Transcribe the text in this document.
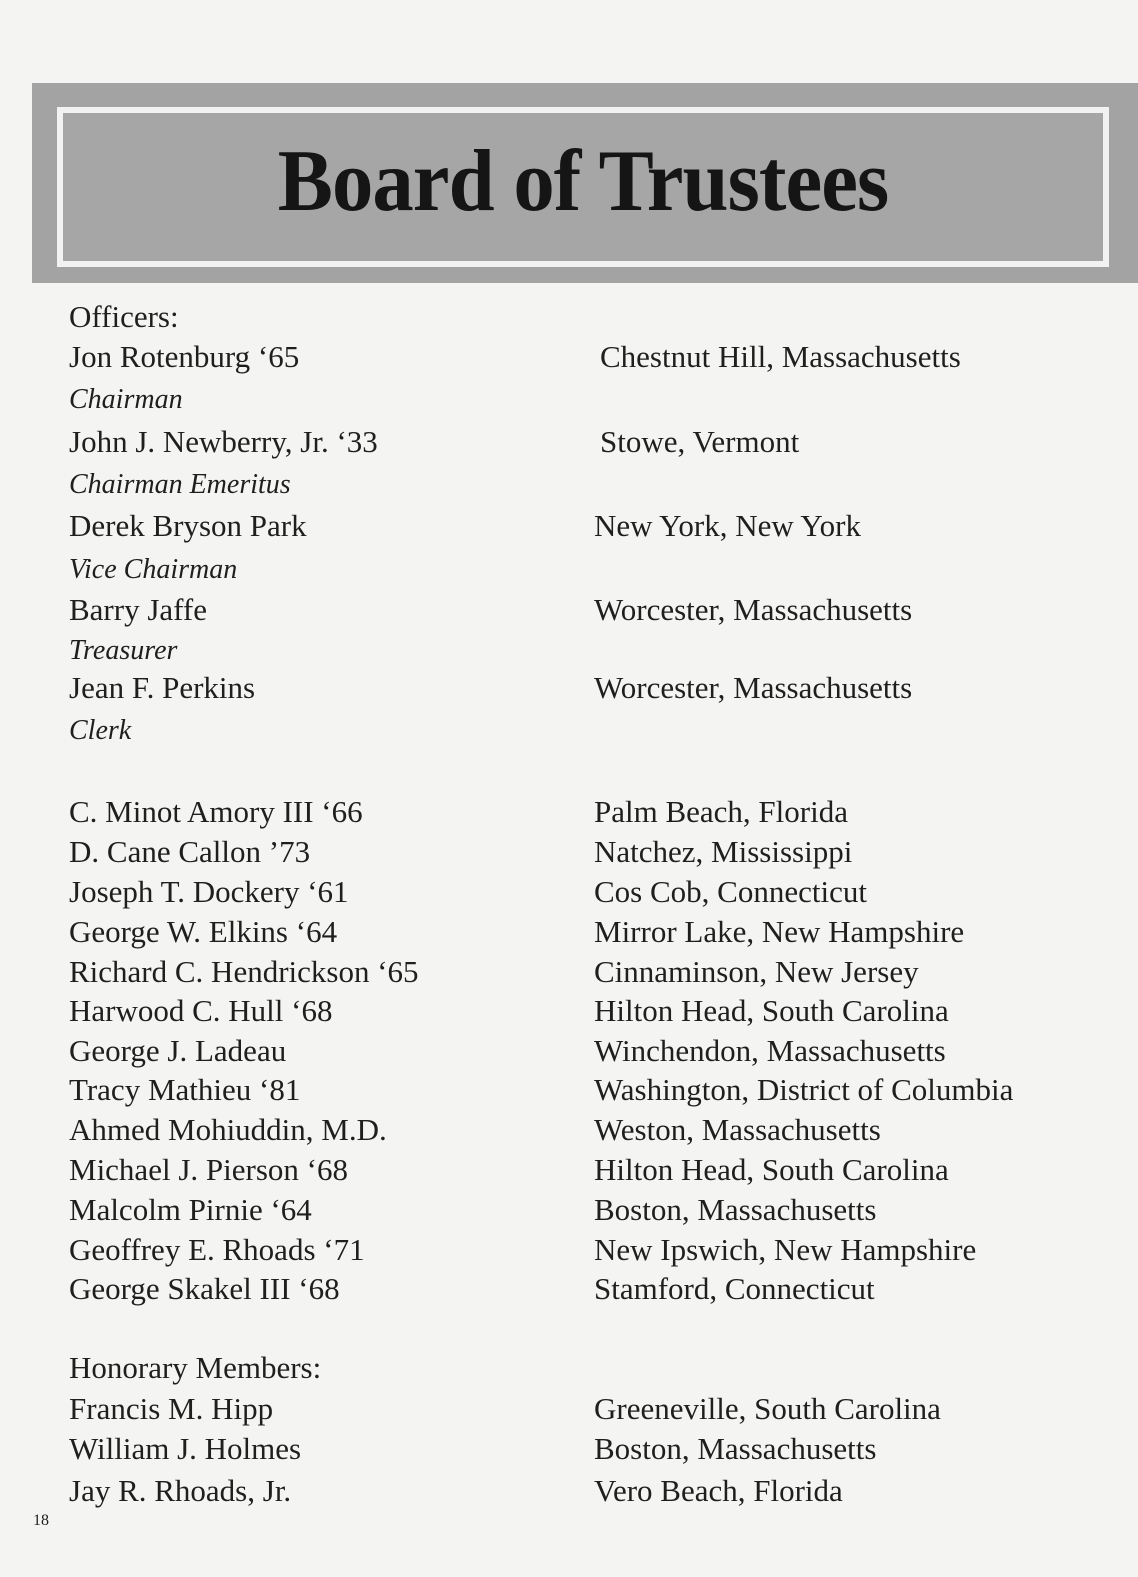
Board of Trustees
Officers:
Jon Rotenburg ‘65	Chestnut Hill, Massachusetts
Chairman
John J. Newberry, Jr. ‘33	Stowe, Vermont
Chairman Emeritus
Derek Bryson Park	New York, New York
Vice Chairman
Barry Jaffe	Worcester, Massachusetts
Treasurer
Jean F. Perkins	Worcester, Massachusetts
Clerk
C. Minot Amory III ‘66	Palm Beach, Florida
D. Cane Callon ’73	Natchez, Mississippi
Joseph T. Dockery ‘61	Cos Cob, Connecticut
George W. Elkins ‘64	Mirror Lake, New Hampshire
Richard C. Hendrickson ‘65	Cinnaminson, New Jersey
Harwood C. Hull ‘68	Hilton Head, South Carolina
George J. Ladeau	Winchendon, Massachusetts
Tracy Mathieu ‘81	Washington, District of Columbia
Ahmed Mohiuddin, M.D.	Weston, Massachusetts
Michael J. Pierson ‘68	Hilton Head, South Carolina
Malcolm Pirnie ‘64	Boston, Massachusetts
Geoffrey E. Rhoads ‘71	New Ipswich, New Hampshire
George Skakel III ‘68	Stamford, Connecticut
Honorary Members:
Francis M. Hipp	Greeneville, South Carolina
William J. Holmes	Boston, Massachusetts
Jay R. Rhoads, Jr.	Vero Beach, Florida
18
